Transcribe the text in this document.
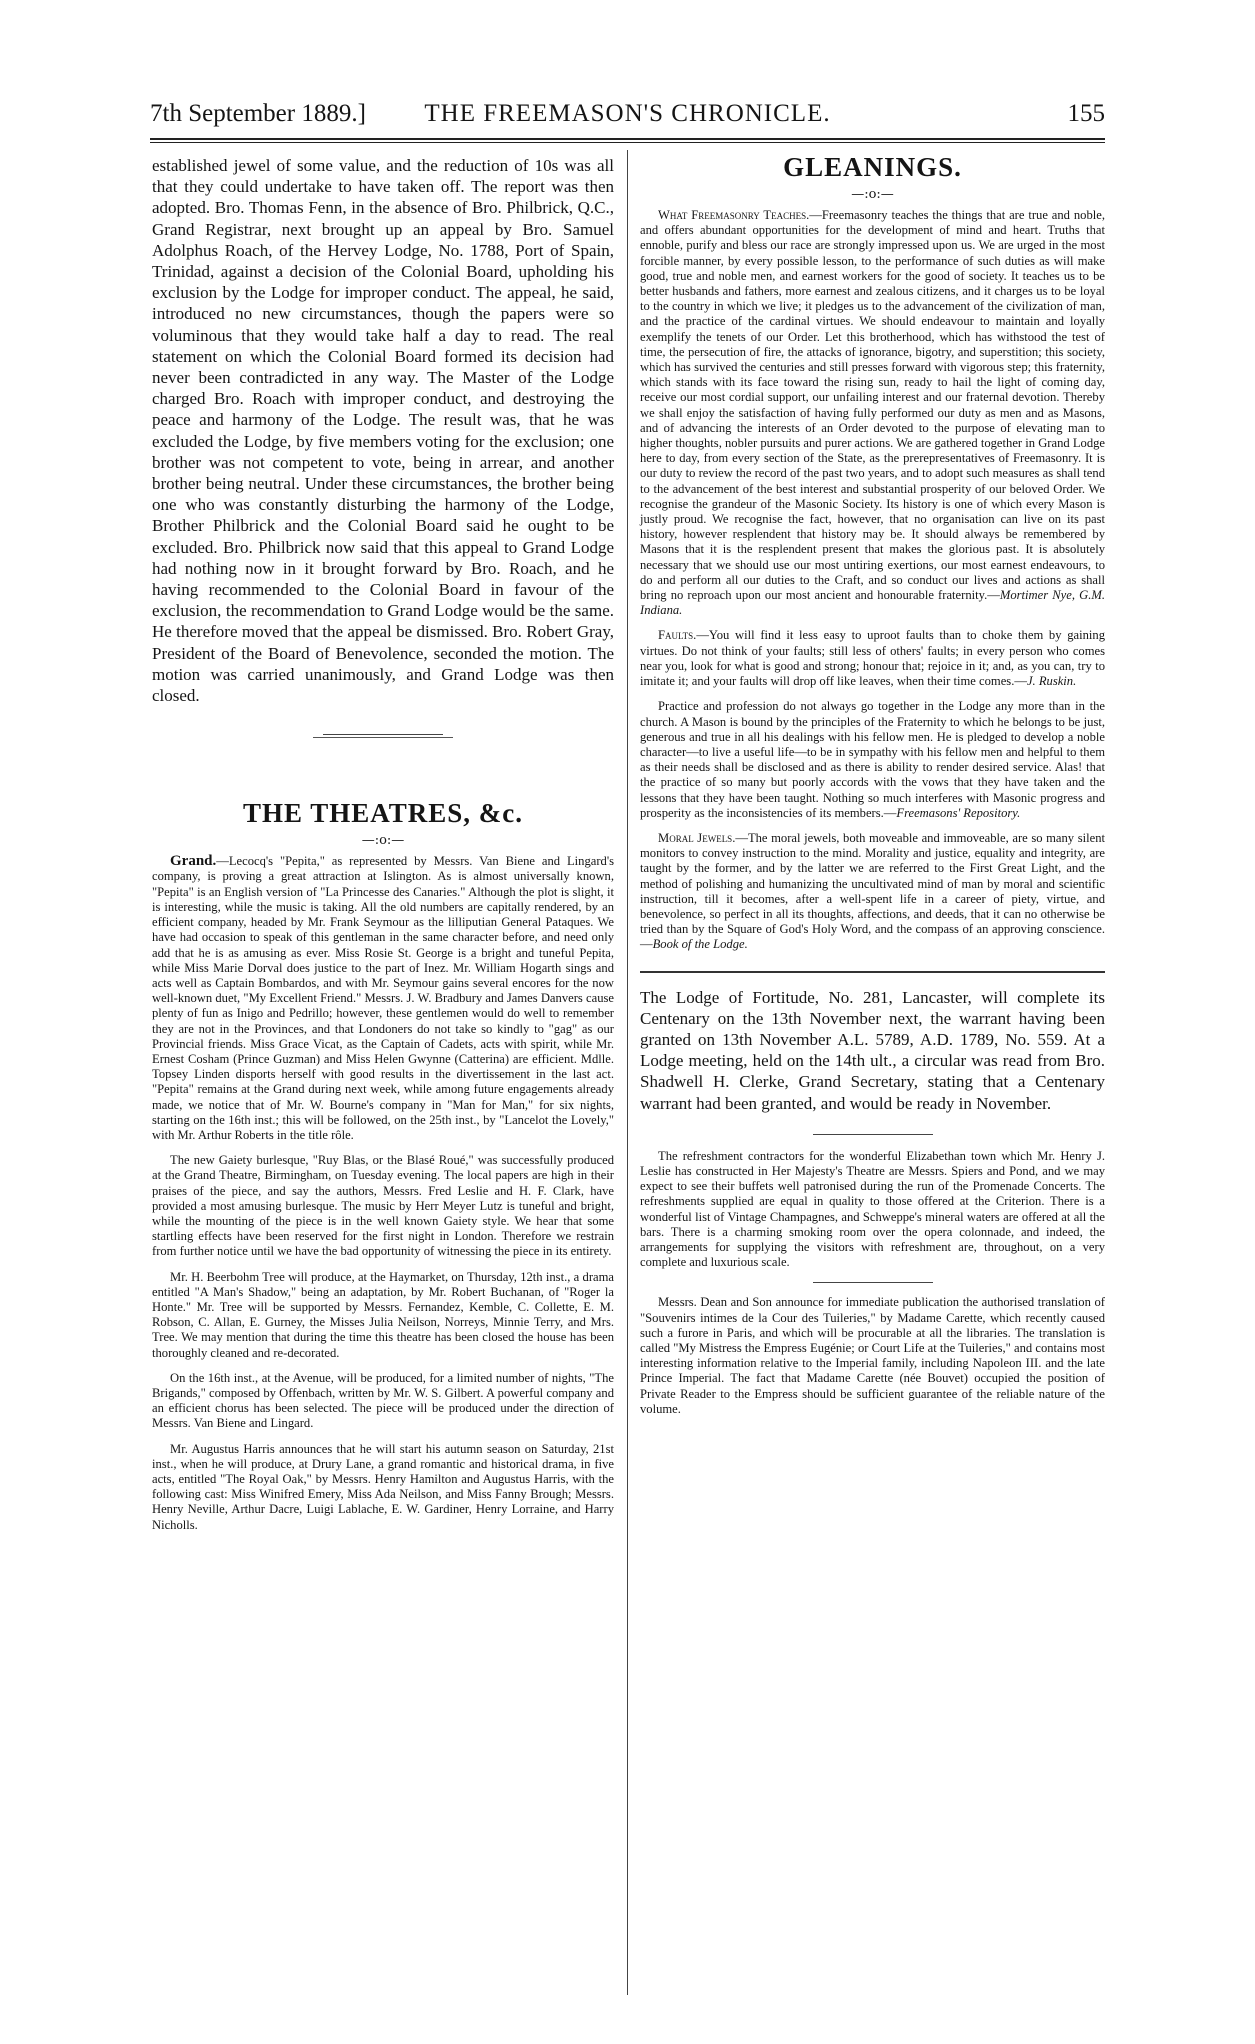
7th September 1889.]	THE FREEMASON'S CHRONICLE.	155

established jewel of some value, and the reduction of 10s was all that they could undertake to have taken off. The report was then adopted. Bro. Thomas Fenn, in the absence of Bro. Philbrick, Q.C., Grand Registrar, next brought up an appeal by Bro. Samuel Adolphus Roach, of the Hervey Lodge, No. 1788, Port of Spain, Trinidad, against a decision of the Colonial Board, upholding his exclusion by the Lodge for improper conduct. The appeal, he said, introduced no new circumstances, though the papers were so voluminous that they would take half a day to read. The real statement on which the Colonial Board formed its decision had never been contradicted in any way. The Master of the Lodge charged Bro. Roach with improper conduct, and destroying the peace and harmony of the Lodge. The result was, that he was excluded the Lodge, by five members voting for the exclusion; one brother was not competent to vote, being in arrear, and another brother being neutral. Under these circumstances, the brother being one who was constantly disturbing the harmony of the Lodge, Brother Philbrick and the Colonial Board said he ought to be excluded. Bro. Philbrick now said that this appeal to Grand Lodge had nothing now in it brought forward by Bro. Roach, and he having recommended to the Colonial Board in favour of the exclusion, the recommendation to Grand Lodge would be the same. He therefore moved that the appeal be dismissed. Bro. Robert Gray, President of the Board of Benevolence, seconded the motion. The motion was carried unanimously, and Grand Lodge was then closed.

THE THEATRES, &c.
—:o:—

Grand.—Lecocq's "Pepita," as represented by Messrs. Van Biene and Lingard's company, is proving a great attraction at Islington. As is almost universally known, "Pepita" is an English version of "La Princesse des Canaries." Although the plot is slight, it is interesting, while the music is taking. All the old numbers are capitally rendered, by an efficient company, headed by Mr. Frank Seymour as the lilliputian General Pataques. We have had occasion to speak of this gentleman in the same character before, and need only add that he is as amusing as ever. Miss Rosie St. George is a bright and tuneful Pepita, while Miss Marie Dorval does justice to the part of Inez. Mr. William Hogarth sings and acts well as Captain Bombardos, and with Mr. Seymour gains several encores for the now well-known duet, "My Excellent Friend." Messrs. J. W. Bradbury and James Danvers cause plenty of fun as Inigo and Pedrillo; however, these gentlemen would do well to remember they are not in the Provinces, and that Londoners do not take so kindly to "gag" as our Provincial friends. Miss Grace Vicat, as the Captain of Cadets, acts with spirit, while Mr. Ernest Cosham (Prince Guzman) and Miss Helen Gwynne (Catterina) are efficient. Mdlle. Topsey Linden disports herself with good results in the divertissement in the last act. "Pepita" remains at the Grand during next week, while among future engagements already made, we notice that of Mr. W. Bourne's company in "Man for Man," for six nights, starting on the 16th inst.; this will be followed, on the 25th inst., by "Lancelot the Lovely," with Mr. Arthur Roberts in the title rôle.

The new Gaiety burlesque, "Ruy Blas, or the Blasé Roué," was successfully produced at the Grand Theatre, Birmingham, on Tuesday evening. The local papers are high in their praises of the piece, and say the authors, Messrs. Fred Leslie and H. F. Clark, have provided a most amusing burlesque. The music by Herr Meyer Lutz is tuneful and bright, while the mounting of the piece is in the well known Gaiety style. We hear that some startling effects have been reserved for the first night in London. Therefore we restrain from further notice until we have the bad opportunity of witnessing the piece in its entirety.

Mr. H. Beerbohm Tree will produce, at the Haymarket, on Thursday, 12th inst., a drama entitled "A Man's Shadow," being an adaptation, by Mr. Robert Buchanan, of "Roger la Honte." Mr. Tree will be supported by Messrs. Fernandez, Kemble, C. Collette, E. M. Robson, C. Allan, E. Gurney, the Misses Julia Neilson, Norreys, Minnie Terry, and Mrs. Tree. We may mention that during the time this theatre has been closed the house has been thoroughly cleaned and re-decorated.

On the 16th inst., at the Avenue, will be produced, for a limited number of nights, "The Brigands," composed by Offenbach, written by Mr. W. S. Gilbert. A powerful company and an efficient chorus has been selected. The piece will be produced under the direction of Messrs. Van Biene and Lingard.

Mr. Augustus Harris announces that he will start his autumn season on Saturday, 21st inst., when he will produce, at Drury Lane, a grand romantic and historical drama, in five acts, entitled "The Royal Oak," by Messrs. Henry Hamilton and Augustus Harris, with the following cast: Miss Winifred Emery, Miss Ada Neilson, and Miss Fanny Brough; Messrs. Henry Neville, Arthur Dacre, Luigi Lablache, E. W. Gardiner, Henry Lorraine, and Harry Nicholls.

GLEANINGS.
—:o:—

What Freemasonry Teaches.—Freemasonry teaches the things that are true and noble, and offers abundant opportunities for the development of mind and heart. Truths that ennoble, purify and bless our race are strongly impressed upon us. We are urged in the most forcible manner, by every possible lesson, to the performance of such duties as will make good, true and noble men, and earnest workers for the good of society. It teaches us to be better husbands and fathers, more earnest and zealous citizens, and it charges us to be loyal to the country in which we live; it pledges us to the advancement of the civilization of man, and the practice of the cardinal virtues. We should endeavour to maintain and loyally exemplify the tenets of our Order. Let this brotherhood, which has withstood the test of time, the persecution of fire, the attacks of ignorance, bigotry, and superstition; this society, which has survived the centuries and still presses forward with vigorous step; this fraternity, which stands with its face toward the rising sun, ready to hail the light of coming day, receive our most cordial support, our unfailing interest and our fraternal devotion. Thereby we shall enjoy the satisfaction of having fully performed our duty as men and as Masons, and of advancing the interests of an Order devoted to the purpose of elevating man to higher thoughts, nobler pursuits and purer actions. We are gathered together in Grand Lodge here to day, from every section of the State, as the prerepresentatives of Freemasonry. It is our duty to review the record of the past two years, and to adopt such measures as shall tend to the advancement of the best interest and substantial prosperity of our beloved Order. We recognise the grandeur of the Masonic Society. Its history is one of which every Mason is justly proud. We recognise the fact, however, that no organisation can live on its past history, however resplendent that history may be. It should always be remembered by Masons that it is the resplendent present that makes the glorious past. It is absolutely necessary that we should use our most untiring exertions, our most earnest endeavours, to do and perform all our duties to the Craft, and so conduct our lives and actions as shall bring no reproach upon our most ancient and honourable fraternity.—Mortimer Nye, G.M. Indiana.

Faults.—You will find it less easy to uproot faults than to choke them by gaining virtues. Do not think of your faults; still less of others' faults; in every person who comes near you, look for what is good and strong; honour that; rejoice in it; and, as you can, try to imitate it; and your faults will drop off like leaves, when their time comes.—J. Ruskin.

Practice and profession do not always go together in the Lodge any more than in the church. A Mason is bound by the principles of the Fraternity to which he belongs to be just, generous and true in all his dealings with his fellow men. He is pledged to develop a noble character—to live a useful life—to be in sympathy with his fellow men and helpful to them as their needs shall be disclosed and as there is ability to render desired service. Alas! that the practice of so many but poorly accords with the vows that they have taken and the lessons that they have been taught. Nothing so much interferes with Masonic progress and prosperity as the inconsistencies of its members.—Freemasons' Repository.

Moral Jewels.—The moral jewels, both moveable and immoveable, are so many silent monitors to convey instruction to the mind. Morality and justice, equality and integrity, are taught by the former, and by the latter we are referred to the First Great Light, and the method of polishing and humanizing the uncultivated mind of man by moral and scientific instruction, till it becomes, after a well-spent life in a career of piety, virtue, and benevolence, so perfect in all its thoughts, affections, and deeds, that it can no otherwise be tried than by the Square of God's Holy Word, and the compass of an approving conscience.—Book of the Lodge.

The Lodge of Fortitude, No. 281, Lancaster, will complete its Centenary on the 13th November next, the warrant having been granted on 13th November A.L. 5789, A.D. 1789, No. 559. At a Lodge meeting, held on the 14th ult., a circular was read from Bro. Shadwell H. Clerke, Grand Secretary, stating that a Centenary warrant had been granted, and would be ready in November.

The refreshment contractors for the wonderful Elizabethan town which Mr. Henry J. Leslie has constructed in Her Majesty's Theatre are Messrs. Spiers and Pond, and we may expect to see their buffets well patronised during the run of the Promenade Concerts. The refreshments supplied are equal in quality to those offered at the Criterion. There is a wonderful list of Vintage Champagnes, and Schweppe's mineral waters are offered at all the bars. There is a charming smoking room over the opera colonnade, and indeed, the arrangements for supplying the visitors with refreshment are, throughout, on a very complete and luxurious scale.

Messrs. Dean and Son announce for immediate publication the authorised translation of "Souvenirs intimes de la Cour des Tuileries," by Madame Carette, which recently caused such a furore in Paris, and which will be procurable at all the libraries. The translation is called "My Mistress the Empress Eugénie; or Court Life at the Tuileries," and contains most interesting information relative to the Imperial family, including Napoleon III. and the late Prince Imperial. The fact that Madame Carette (née Bouvet) occupied the position of Private Reader to the Empress should be sufficient guarantee of the reliable nature of the volume.
